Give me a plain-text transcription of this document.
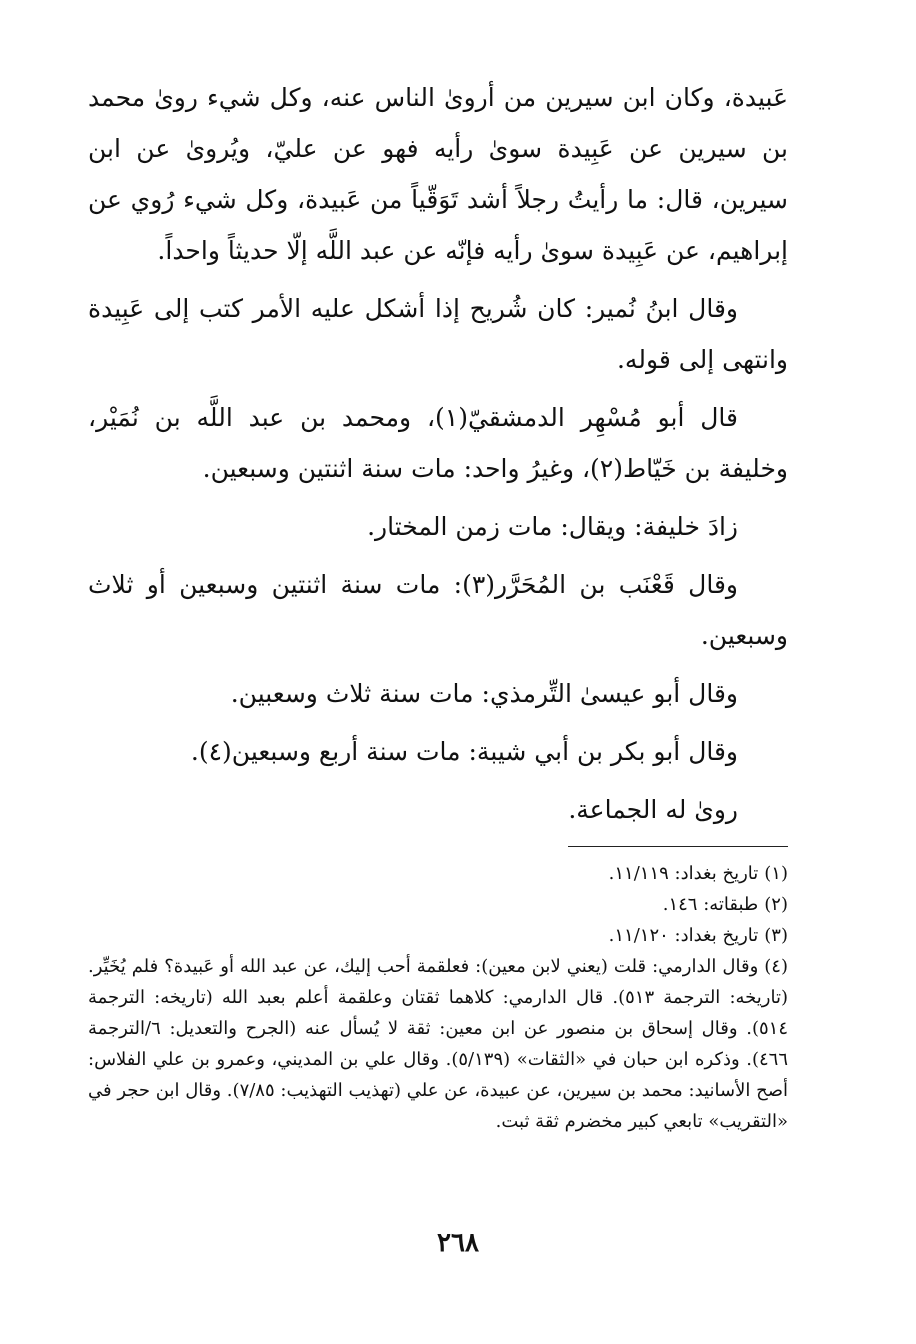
عَبيدة، وكان ابن سيرين من أروىٰ الناس عنه، وكل شيء روىٰ محمد بن سيرين عن عَبِيدة سوىٰ رأيه فهو عن عليّ، ويُروىٰ عن ابن سيرين، قال: ما رأيتُ رجلاً أشد تَوَقّياً من عَبيدة، وكل شيء رُوي عن إبراهيم، عن عَبِيدة سوىٰ رأيه فإنّه عن عبد اللَّه إلّا حديثاً واحداً.

وقال ابنُ نُمير: كان شُريح إذا أشكل عليه الأمر كتب إلى عَبِيدة وانتهى إلى قوله.

قال أبو مُسْهِر الدمشقيّ(١)، ومحمد بن عبد اللَّه بن نُمَيْر، وخليفة بن خَيّاط(٢)، وغيرُ واحد: مات سنة اثنتين وسبعين.

زادَ خليفة: ويقال: مات زمن المختار.

وقال قَعْنَب بن المُحَرَّر(٣): مات سنة اثنتين وسبعين أو ثلاث وسبعين.

وقال أبو عيسىٰ التِّرمذي: مات سنة ثلاث وسعبين.

وقال أبو بكر بن أبي شيبة: مات سنة أربع وسبعين(٤).

روىٰ له الجماعة.

(١)تاريخ بغداد: ١١/١١٩.

(٢)طبقاته: ١٤٦.

(٣)تاريخ بغداد: ١١/١٢٠.

(٤)وقال الدارمي: قلت (يعني لابن معين): فعلقمة أحب إليك، عن عبد الله أو عَبيدة؟ فلم يُخَيِّر. (تاريخه: الترجمة ٥١٣). قال الدارمي: كلاهما ثقتان وعلقمة أعلم بعبد الله (تاريخه: الترجمة ٥١٤). وقال إسحاق بن منصور عن ابن معين: ثقة لا يُسأل عنه (الجرح والتعديل: ٦/الترجمة ٤٦٦). وذكره ابن حبان في «الثقات» (٥/١٣٩). وقال علي بن المديني، وعمرو بن علي الفلاس: أصح الأسانيد: محمد بن سيرين، عن عبيدة، عن علي (تهذيب التهذيب: ٧/٨٥). وقال ابن حجر في «التقريب» تابعي كبير مخضرم ثقة ثبت.

٢٦٨
